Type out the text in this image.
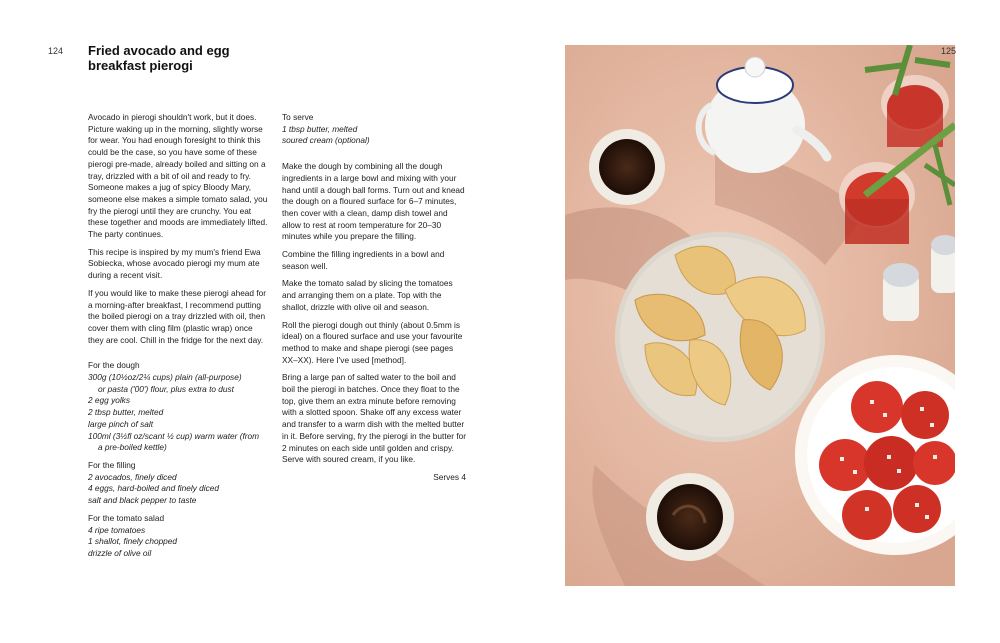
124 Fried avocado and egg
breakfast pierogi

Avocado in pierogi shouldn't work, but it does. Picture waking up in the morning, slightly worse for wear. You had enough foresight to think this could be the case, so you have some of these pierogi pre-made, already boiled and sitting on a tray, drizzled with a bit of oil and ready to fry. Someone makes a jug of spicy Bloody Mary, someone else makes a simple tomato salad, you fry the pierogi until they are crunchy. You eat these together and moods are immediately lifted. The party continues.

This recipe is inspired by my mum's friend Ewa Sobiecka, whose avocado pierogi my mum ate during a recent visit.

If you would like to make these pierogi ahead for a morning-after breakfast, I recommend putting the boiled pierogi on a tray drizzled with oil, then cover them with cling film (plastic wrap) once they are cool. Chill in the fridge for the next day.

For the dough
300g (10½oz/2¼ cups) plain (all-purpose)
or pasta ('00') flour, plus extra to dust
2 egg yolks
2 tbsp butter, melted
large pinch of salt
100ml (3½fl oz/scant ½ cup) warm water (from
a pre-boiled kettle)
For the filling
2 avocados, finely diced
4 eggs, hard-boiled and finely diced
salt and black pepper to taste
For the tomato salad
4 ripe tomatoes
1 shallot, finely chopped
drizzle of olive oil
To serve
1 tbsp butter, melted
soured cream (optional)

Make the dough by combining all the dough ingredients in a large bowl and mixing with your hand until a dough ball forms. Turn out and knead the dough on a floured surface for 6–7 minutes, then cover with a clean, damp dish towel and allow to rest at room temperature for 20–30 minutes while you prepare the filling.

Combine the filling ingredients in a bowl and season well.

Make the tomato salad by slicing the tomatoes and arranging them on a plate. Top with the shallot, drizzle with olive oil and season.

Roll the pierogi dough out thinly (about 0.5mm is ideal) on a floured surface and use your favourite method to make and shape pierogi (see pages XX–XX). Here I've used [method].

Bring a large pan of salted water to the boil and boil the pierogi in batches. Once they float to the top, give them an extra minute before removing with a slotted spoon. Shake off any excess water and transfer to a warm dish with the melted butter in it. Before serving, fry the pierogi in the butter for 2 minutes on each side until golden and crispy. Serve with soured cream, if you like.

Serves 4
125
